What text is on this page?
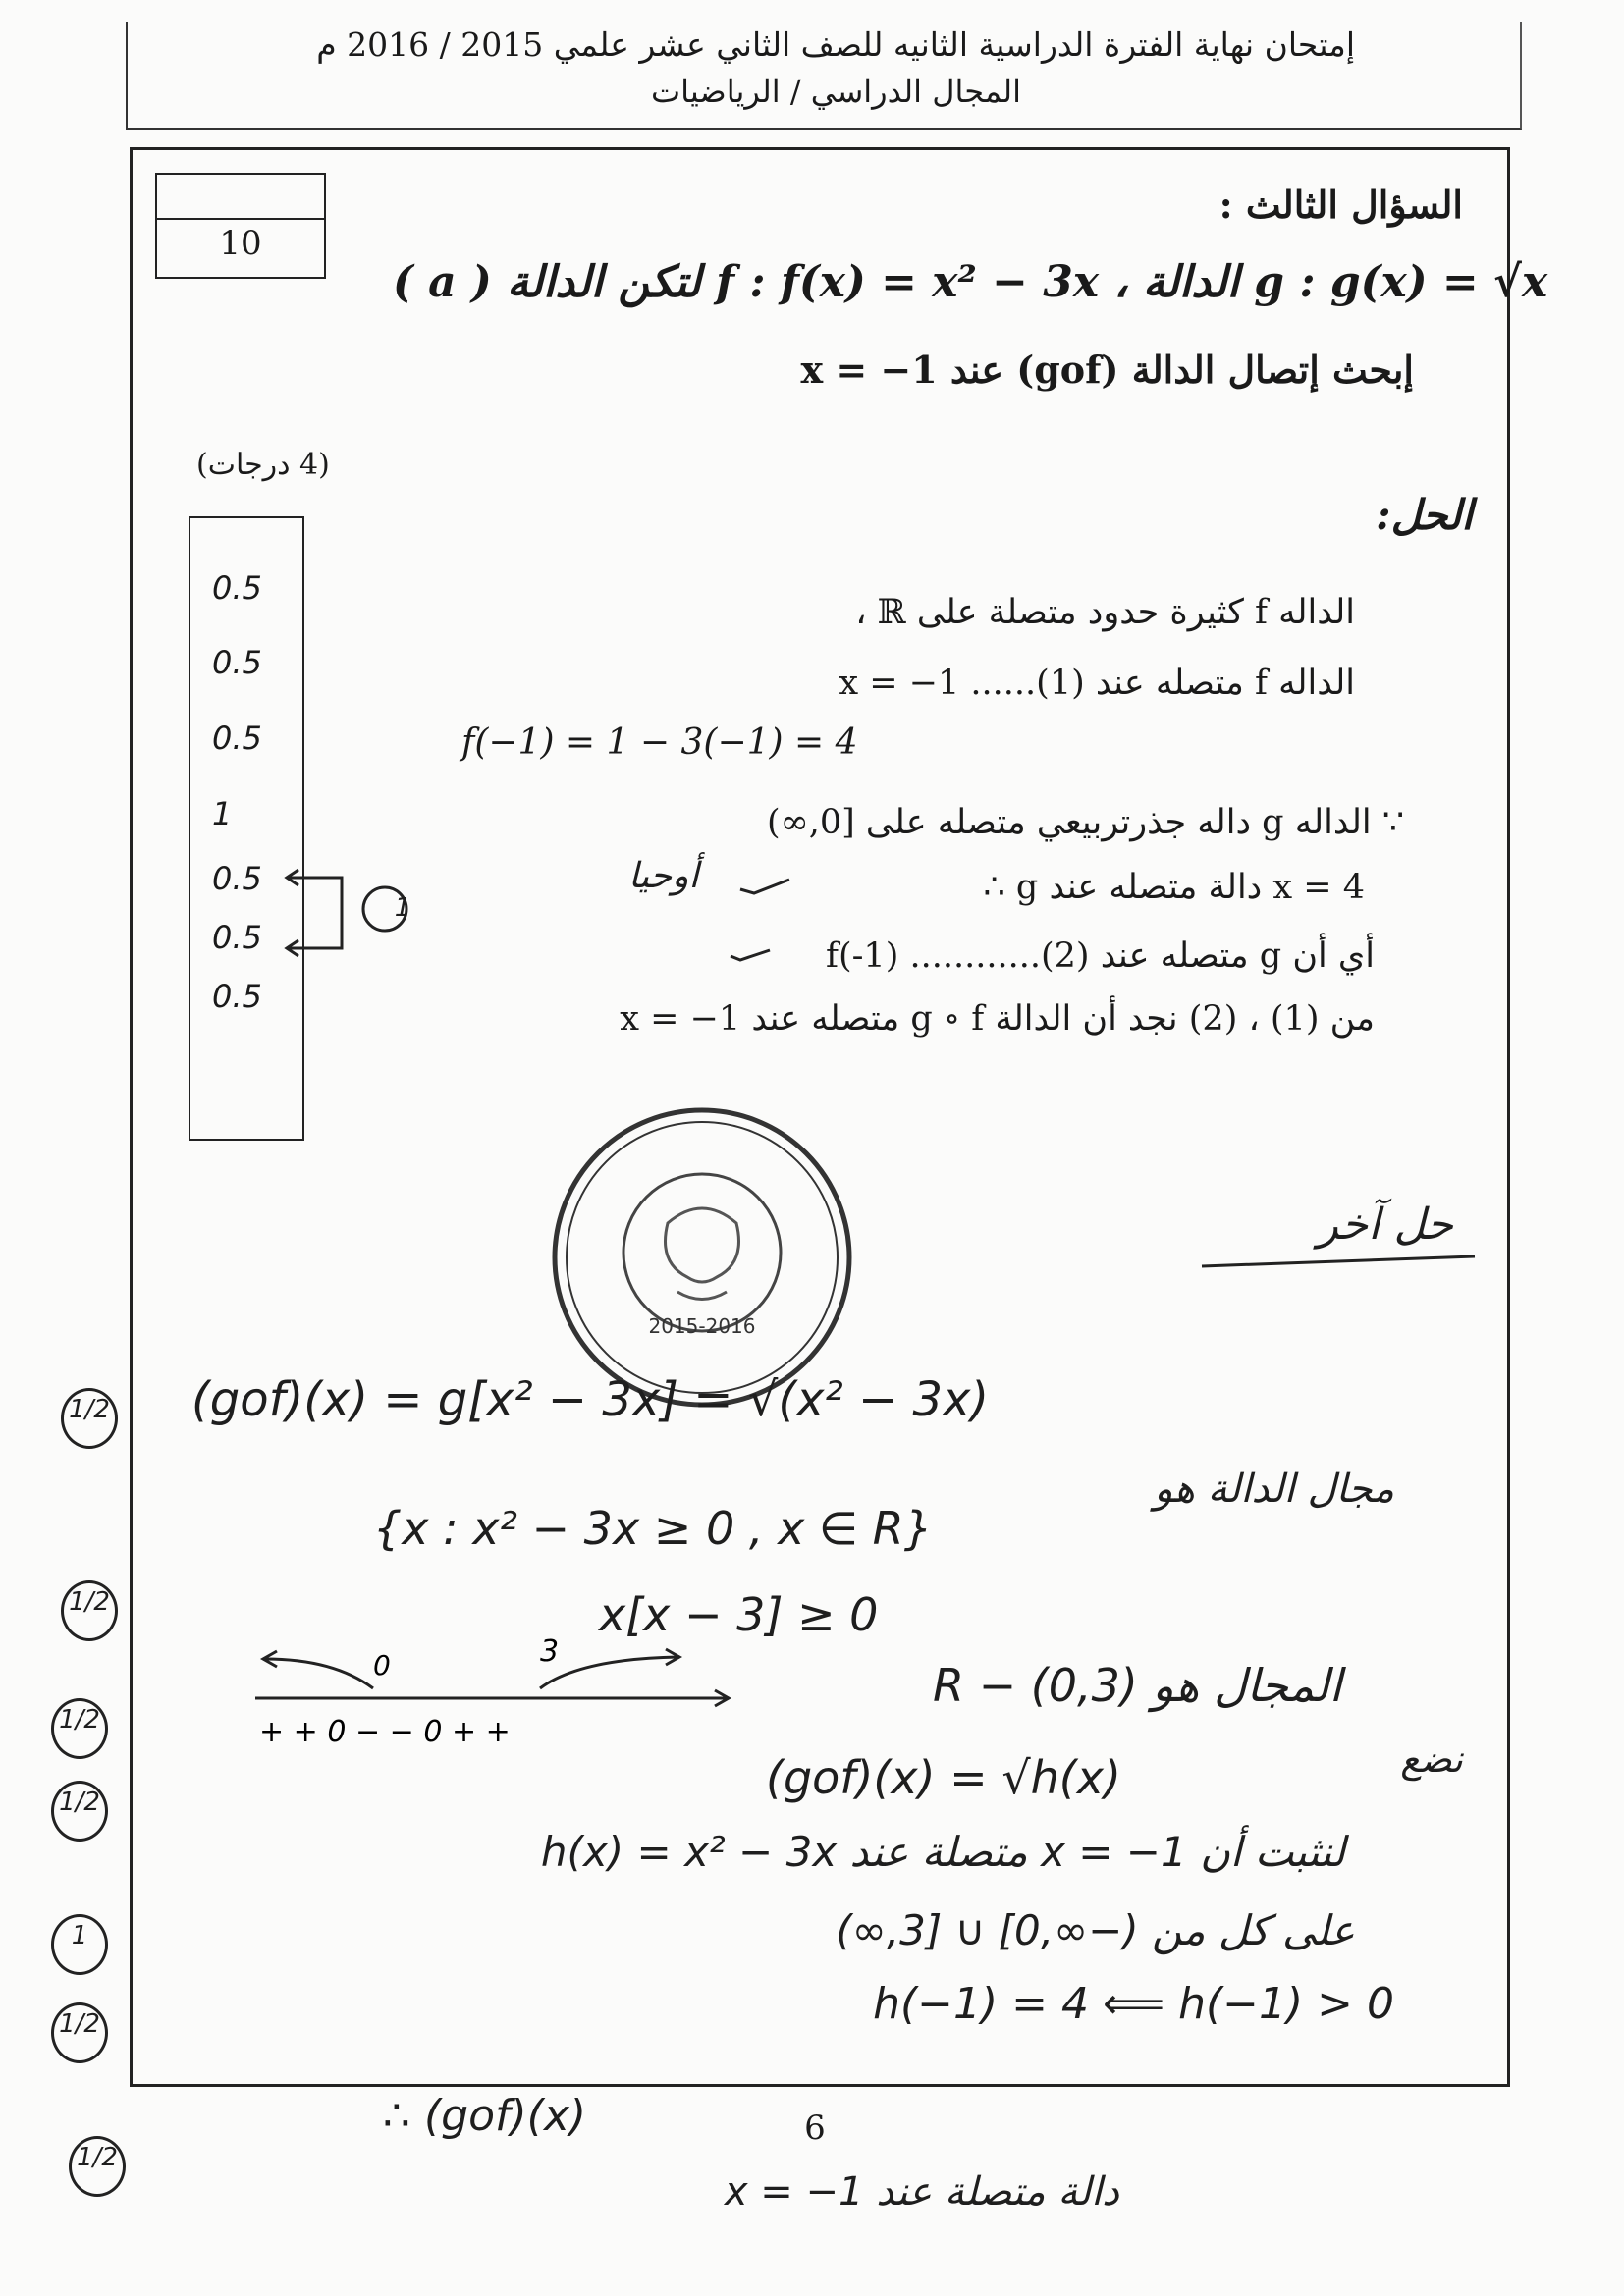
إمتحان نهاية الفترة الدراسية الثانيه للصف الثاني عشر علمي 2015 / 2016 م
المجال الدراسي / الرياضيات
10
السؤال الثالث :
( a ) لتكن الدالة f : f(x) = x² − 3x ، الدالة g : g(x) = √x
إبحث إتصال الدالة (gof) عند x = −1
(4 درجات)
الحل:
0.5
0.5
0.5
1
0.5
0.5
0.5
1
الداله f كثيرة حدود متصلة على ℝ ،
الداله f متصله عند x = −1 ......(1)
f(−1) = 1 − 3(−1) = 4
∵ الداله g داله جذرتربيعي متصله على [0,∞)
∴ g دالة متصله عند x = 4
أي أن g متصله عند f(-1) ............(2)
من (1) ، (2) نجد أن الدالة g ∘ f متصله عند x = −1
أوحيا
2015-2016
حل آخر
(gof)(x) = g[x² − 3x] = √(x² − 3x)
مجال الدالة هو
{x : x² − 3x ≥ 0 , x ∈ R}
x[x − 3] ≥ 0
0	3
+ + 0 − − 0 + +
المجال هو R − (0,3)
نضع
(gof)(x) = √h(x)
h(x) = x² − 3x متصلة عند x = −1 لنثبت أن
على كل من (−∞,0] ∪ [3,∞)
h(−1) = 4 ⟸ h(−1) > 0
∴ (gof)(x)
دالة متصلة عند x = −1
1/2
1/2
1/2
1/2
1
1/2
1/2
6
